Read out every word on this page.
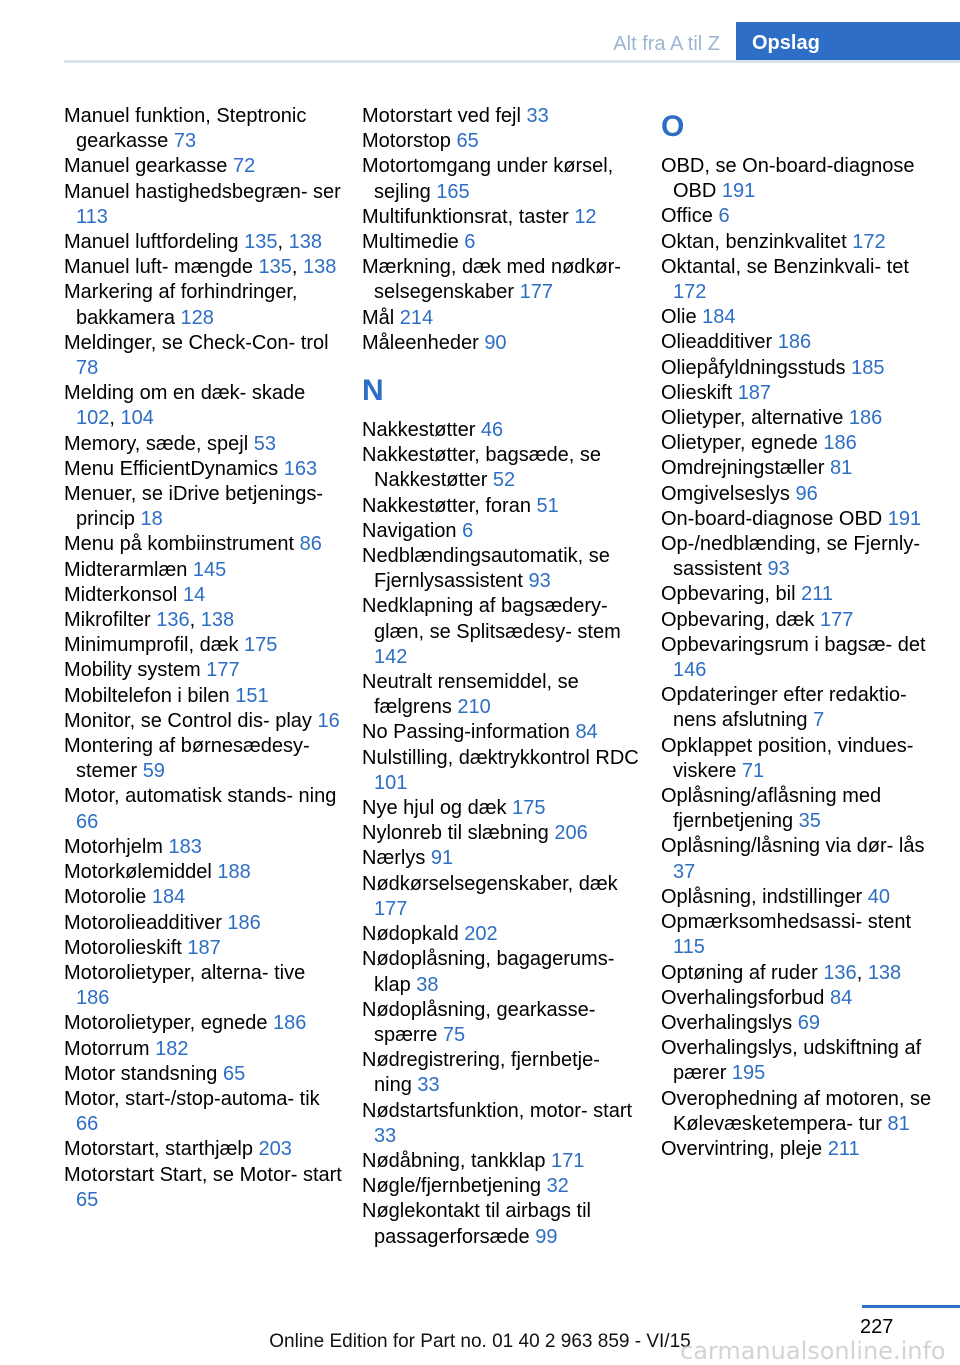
Alt fra A til Z	Opslag

Manuel funktion, Steptronic gearkasse 73

Manuel gearkasse 72

Manuel hastighedsbegræn‐ ser 113

Manuel luftfordeling 135, 138

Manuel luft‐ mængde 135, 138

Markering af forhindringer, bakkamera 128

Meldinger, se Check-Con‐ trol 78

Melding om en dæk‐ skade 102, 104

Memory, sæde, spejl 53

Menu EfficientDynamics 163

Menuer, se iDrive betjenings‐ princip 18

Menu på kombiinstrument 86

Midterarmlæn 145

Midterkonsol 14

Mikrofilter 136, 138

Minimumprofil, dæk 175

Mobility system 177

Mobiltelefon i bilen 151

Monitor, se Control dis‐ play 16

Montering af børnesædesy‐ stemer 59

Motor, automatisk stands‐ ning 66

Motorhjelm 183

Motorkølemiddel 188

Motorolie 184

Motorolieadditiver 186

Motorolieskift 187

Motorolietyper, alterna‐ tive 186

Motorolietyper, egnede 186

Motorrum 182

Motor standsning 65

Motor, start-/stop-automa‐ tik 66

Motorstart, starthjælp 203

Motorstart Start, se Motor‐ start 65

Motorstart ved fejl 33

Motorstop 65

Motortomgang under kørsel, sejling 165

Multifunktionsrat, taster 12

Multimedie 6

Mærkning, dæk med nødkør‐ selsegenskaber 177

Mål 214

Måleenheder 90

N

Nakkestøtter 46

Nakkestøtter, bagsæde, se Nakkestøtter 52

Nakkestøtter, foran 51

Navigation 6

Nedblændingsautomatik, se Fjernlysassistent 93

Nedklapning af bagsædery‐ glæn, se Splitsædesy‐ stem 142

Neutralt rensemiddel, se fælgrens 210

No Passing-information 84

Nulstilling, dæktrykkontrol RDC 101

Nye hjul og dæk 175

Nylonreb til slæbning 206

Nærlys 91

Nødkørselsegenskaber, dæk 177

Nødopkald 202

Nødoplåsning, bagagerums‐ klap 38

Nødoplåsning, gearkasse‐ spærre 75

Nødregistrering, fjernbetje‐ ning 33

Nødstartsfunktion, motor‐ start 33

Nødåbning, tankklap 171

Nøgle/fjernbetjening 32

Nøglekontakt til airbags til passagerforsæde 99

O

OBD, se On-board-diagnose OBD 191

Office 6

Oktan, benzinkvalitet 172

Oktantal, se Benzinkvali‐ tet 172

Olie 184

Olieadditiver 186

Oliepåfyldningsstuds 185

Olieskift 187

Olietyper, alternative 186

Olietyper, egnede 186

Omdrejningstæller 81

Omgivelseslys 96

On-board-diagnose OBD 191

Op-/nedblænding, se Fjernly‐ sassistent 93

Opbevaring, bil 211

Opbevaring, dæk 177

Opbevaringsrum i bagsæ‐ det 146

Opdateringer efter redaktio‐ nens afslutning 7

Opklappet position, vindues‐ viskere 71

Oplåsning/aflåsning med fjernbetjening 35

Oplåsning/låsning via dør‐ lås 37

Oplåsning, indstillinger 40

Opmærksomhedsassi‐ stent 115

Optøning af ruder 136, 138

Overhalingsforbud 84

Overhalingslys 69

Overhalingslys, udskiftning af pærer 195

Overophedning af motoren, se Kølevæsketempera‐ tur 81

Overvintring, pleje 211

227
Online Edition for Part no. 01 40 2 963 859 - VI/15
carmanualsonline.info
